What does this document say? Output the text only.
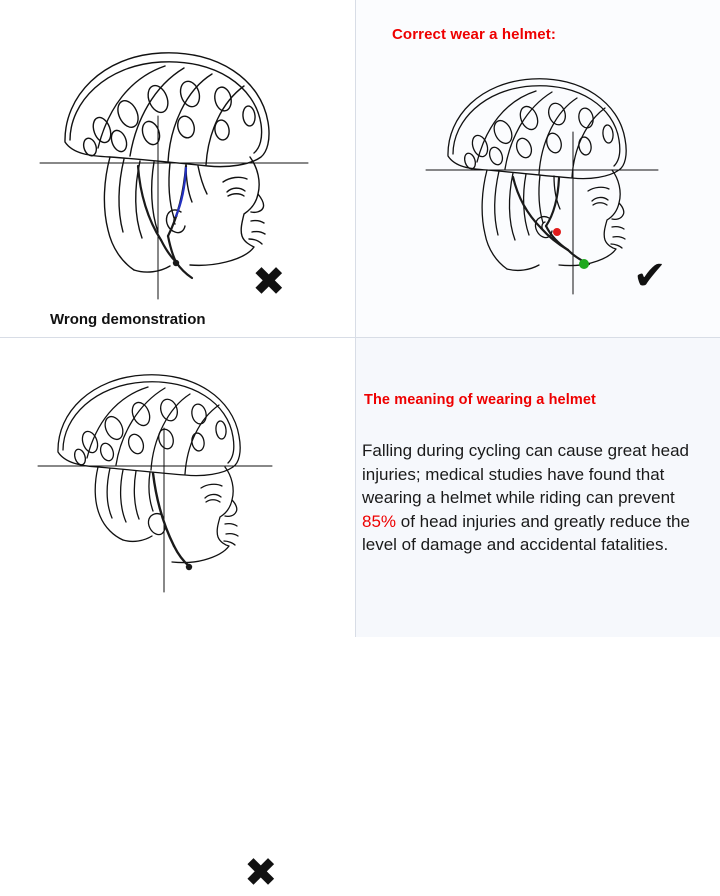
✖
Correct wear a helmet:
✔
✖
Wrong demonstration
The meaning of wearing a helmet

Falling during cycling can cause great head injuries; medical studies have found that wearing a helmet while riding can prevent 85% of head injuries and greatly reduce the level of damage and accidental fatalities.
